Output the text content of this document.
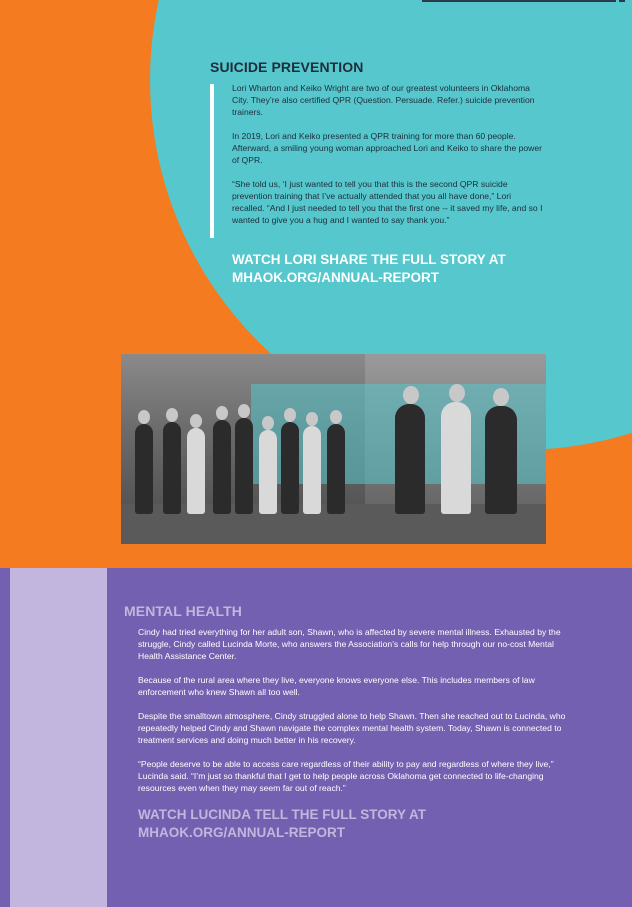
SUICIDE PREVENTION

Lori Wharton and Keiko Wright are two of our greatest volunteers in Oklahoma City. They’re also certified QPR (Question. Persuade. Refer.) suicide prevention trainers.

In 2019, Lori and Keiko presented a QPR training for more than 60 people. Afterward, a smiling young woman approached Lori and Keiko to share the power of QPR.

“She told us, ‘I just wanted to tell you that this is the second QPR suicide prevention training that I’ve actually attended that you all have done,” Lori recalled. “And I just needed to tell you that the first one -- it saved my life, and so I wanted to give you a hug and I wanted to say thank you.”

WATCH LORI SHARE THE FULL STORY AT MHAOK.ORG/ANNUAL-REPORT
MENTAL HEALTH

Cindy had tried everything for her adult son, Shawn, who is affected by severe mental illness. Exhausted by the struggle, Cindy called Lucinda Morte, who answers the Association’s calls for help through our no-cost Mental Health Assistance Center.

Because of the rural area where they live, everyone knows everyone else. This includes members of law enforcement who knew Shawn all too well.

Despite the smalltown atmosphere, Cindy struggled alone to help Shawn. Then she reached out to Lucinda, who repeatedly helped Cindy and Shawn navigate the complex mental health system. Today, Shawn is connected to treatment services and doing much better in his recovery.

“People deserve to be able to access care regardless of their ability to pay and regardless of where they live,” Lucinda said. “I’m just so thankful that I get to help people across Oklahoma get connected to life-changing resources even when they may seem far out of reach.”

WATCH LUCINDA TELL THE FULL STORY AT MHAOK.ORG/ANNUAL-REPORT
